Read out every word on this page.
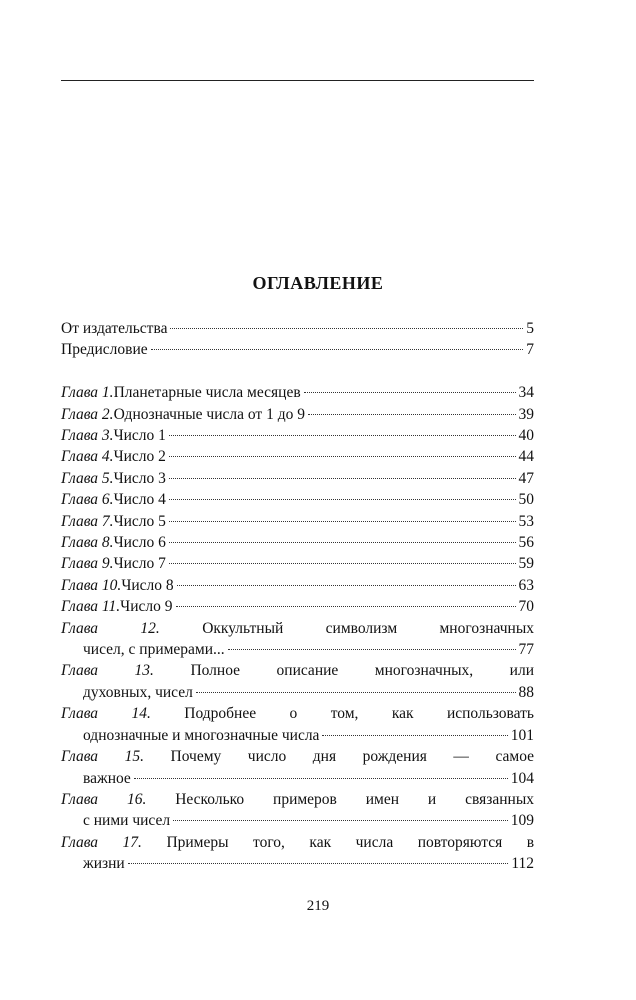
ОГЛАВЛЕНИЕ
От издательства	5
Предисловие	7
Глава 1. Планетарные числа месяцев	34
Глава 2. Однозначные числа от 1 до 9	39
Глава 3. Число 1	40
Глава 4. Число 2	44
Глава 5. Число 3	47
Глава 6. Число 4	50
Глава 7. Число 5	53
Глава 8. Число 6	56
Глава 9. Число 7	59
Глава 10. Число 8	63
Глава 11. Число 9	70
Глава 12.	Оккультный символизм многозначных
чисел, с примерами...	77
Глава 13. Полное описание многозначных, или
духовных, чисел	88
Глава 14. Подробнее о том, как использовать
однозначные и многозначные числа	101
Глава 15. Почему число дня рождения — самое
важное	104
Глава 16. Несколько примеров имен и связанных
с ними чисел	109
Глава 17. Примеры того, как числа повторяются в
жизни	112
219
